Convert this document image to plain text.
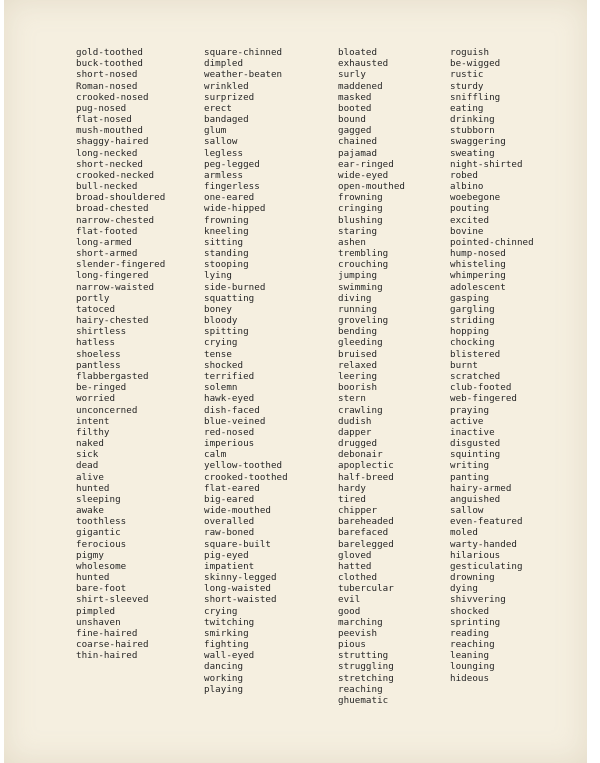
gold-toothed
buck-toothed
short-nosed
Roman-nosed
crooked-nosed
pug-nosed
flat-nosed
mush-mouthed
shaggy-haired
long-necked
short-necked
crooked-necked
bull-necked
broad-shouldered
broad-chested
narrow-chested
flat-footed
long-armed
short-armed
slender-fingered
long-fingered
narrow-waisted
portly
tatoced
hairy-chested
shirtless
hatless
shoeless
pantless
flabbergasted
be-ringed
worried
unconcerned
intent
filthy
naked
sick
dead
alive
hunted
sleeping
awake
toothless
gigantic
ferocious
pigmy
wholesome
hunted
bare-foot
shirt-sleeved
pimpled
unshaven
fine-haired
coarse-haired
thin-haired
square-chinned
dimpled
weather-beaten
wrinkled
surprized
erect
bandaged
glum
sallow
legless
peg-legged
armless
fingerless
one-eared
wide-hipped
frowning
kneeling
sitting
standing
stooping
lying
side-burned
squatting
boney
bloody
spitting
crying
tense
shocked
terrified
solemn
hawk-eyed
dish-faced
blue-veined
red-nosed
imperious
calm
yellow-toothed
crooked-toothed
flat-eared
big-eared
wide-mouthed
overalled
raw-boned
square-built
pig-eyed
impatient
skinny-legged
long-waisted
short-waisted
crying
twitching
smirking
fighting
wall-eyed
dancing
working
playing
bloated
exhausted
surly
maddened
masked
booted
bound
gagged
chained
pajamad
ear-ringed
wide-eyed
open-mouthed
frowning
cringing
blushing
staring
ashen
trembling
crouching
jumping
swimming
diving
running
groveling
bending
gleeding
bruised
relaxed
leering
boorish
stern
crawling
dudish
dapper
drugged
debonair
apoplectic
half-breed
hardy
tired
chipper
bareheaded
barefaced
barelegged
gloved
hatted
clothed
tubercular
evil
good
marching
peevish
pious
strutting
struggling
stretching
reaching
ghuematic
roguish
be-wigged
rustic
sturdy
sniffling
eating
drinking
stubborn
swaggering
sweating
night-shirted
robed
albino
woebegone
pouting
excited
bovine
pointed-chinned
hump-nosed
whisteling
whimpering
adolescent
gasping
gargling
striding
hopping
chocking
blistered
burnt
scratched
club-footed
web-fingered
praying
active
inactive
disgusted
squinting
writing
panting
hairy-armed
anguished
sallow
even-featured
moled
warty-handed
hilarious
gesticulating
drowning
dying
shivvering
shocked
sprinting
reading
reaching
leaning
lounging
hideous
